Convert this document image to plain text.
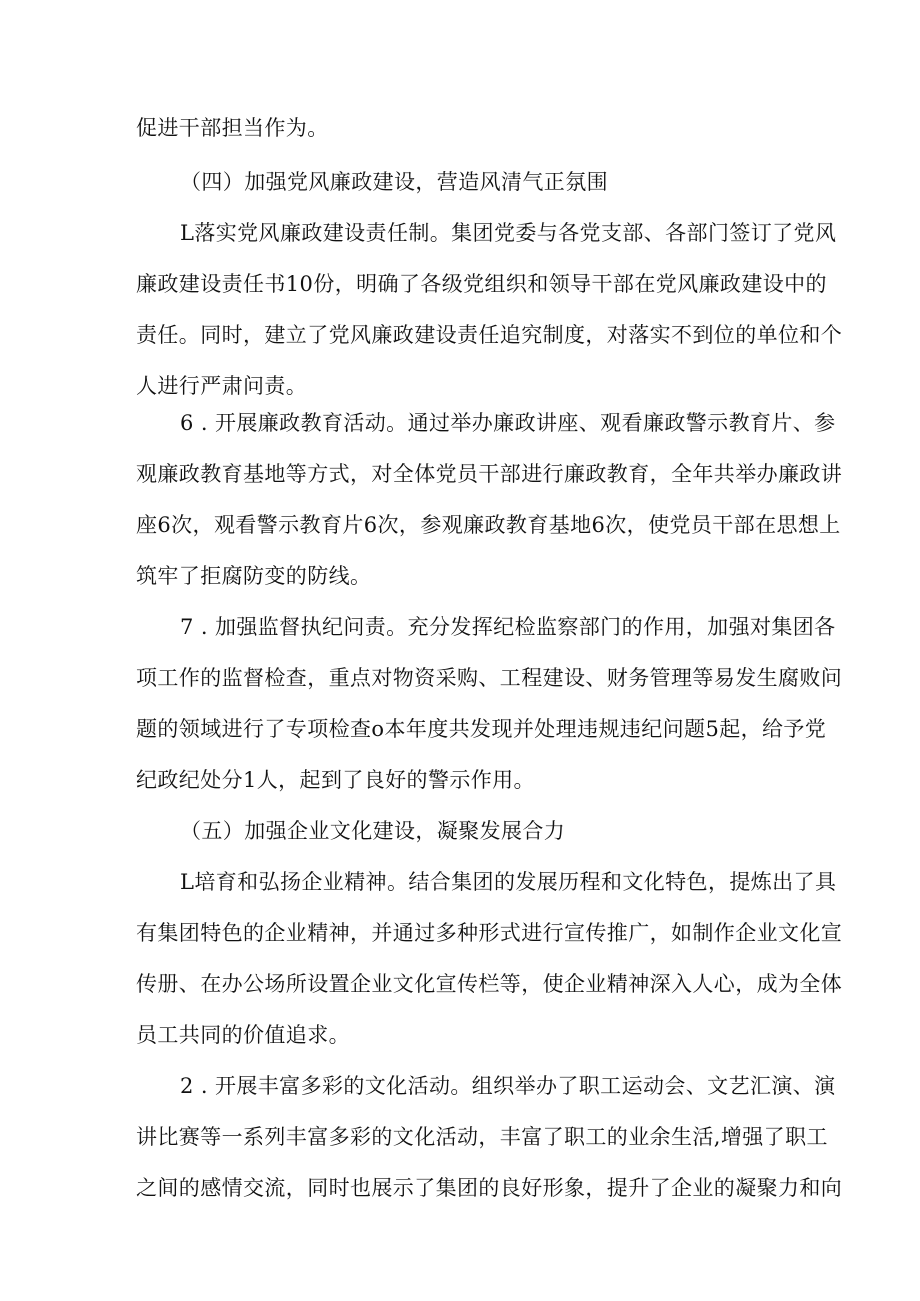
促进干部担当作为。
（四）加强党风廉政建设，营造风清气正氛围
L落实党风廉政建设责任制。集团党委与各党支部、各部门签订了党风
廉政建设责任书10份，明确了各级党组织和领导干部在党风廉政建设中的
责任。同时，建立了党风廉政建设责任追究制度，对落实不到位的单位和个
人进行严肃问责。
6 . 开展廉政教育活动。通过举办廉政讲座、观看廉政警示教育片、参
观廉政教育基地等方式，对全体党员干部进行廉政教育，全年共举办廉政讲
座6次，观看警示教育片6次，参观廉政教育基地6次，使党员干部在思想上
筑牢了拒腐防变的防线。
7 . 加强监督执纪问责。充分发挥纪检监察部门的作用，加强对集团各
项工作的监督检查，重点对物资采购、工程建设、财务管理等易发生腐败问
题的领域进行了专项检查o本年度共发现并处理违规违纪问题5起，给予党
纪政纪处分1人，起到了良好的警示作用。
（五）加强企业文化建设，凝聚发展合力
L培育和弘扬企业精神。结合集团的发展历程和文化特色，提炼出了具
有集团特色的企业精神，并通过多种形式进行宣传推广，如制作企业文化宣
传册、在办公场所设置企业文化宣传栏等，使企业精神深入人心，成为全体
员工共同的价值追求。
2 . 开展丰富多彩的文化活动。组织举办了职工运动会、文艺汇演、演
讲比赛等一系列丰富多彩的文化活动，丰富了职工的业余生活,增强了职工
之间的感情交流，同时也展示了集团的良好形象，提升了企业的凝聚力和向
